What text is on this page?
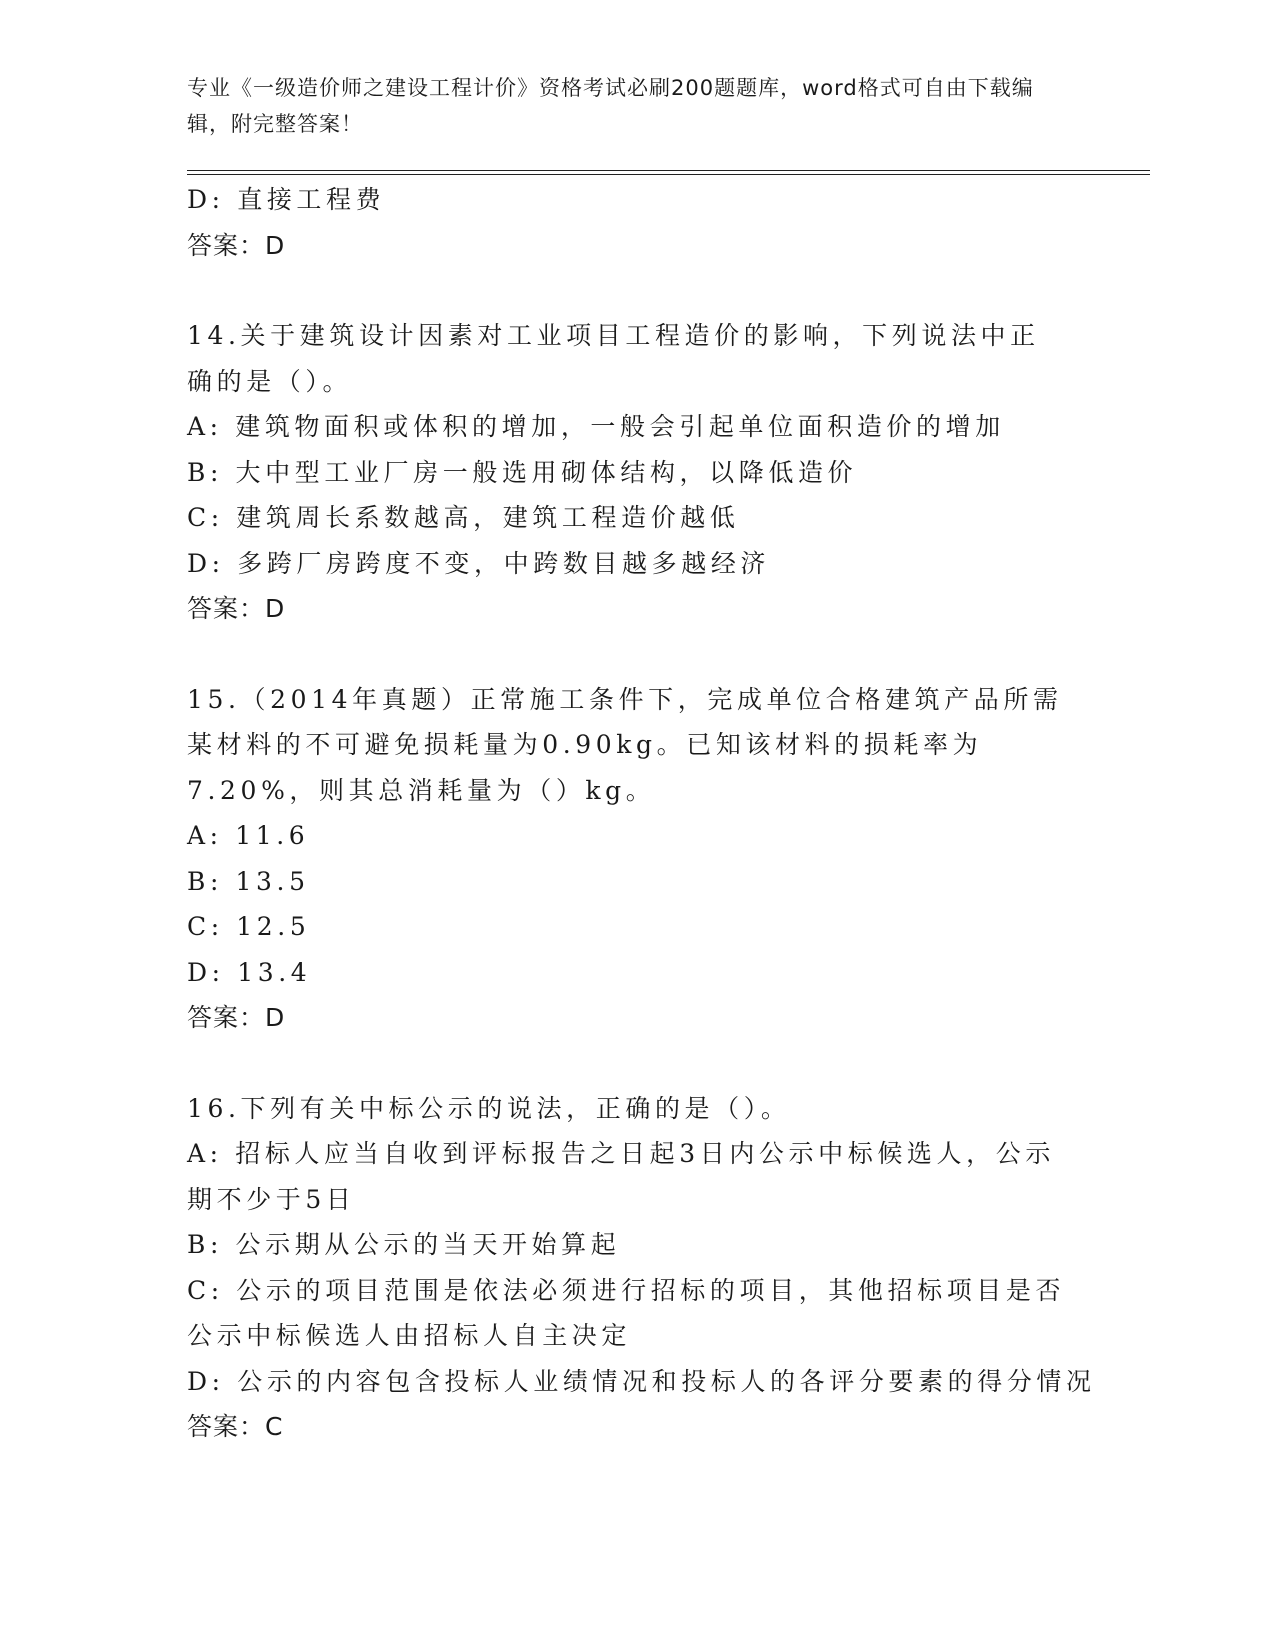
专业《一级造价师之建设工程计价》资格考试必刷200题题库，word格式可自由下载编辑，附完整答案！

D: 直接工程费

答案：D

14.关于建筑设计因素对工业项目工程造价的影响，下列说法中正确的是（）。

A: 建筑物面积或体积的增加，一般会引起单位面积造价的增加

B: 大中型工业厂房一般选用砌体结构，以降低造价

C: 建筑周长系数越高，建筑工程造价越低

D: 多跨厂房跨度不变，中跨数目越多越经济

答案：D

15.（2014年真题）正常施工条件下，完成单位合格建筑产品所需某材料的不可避免损耗量为0.90kg。已知该材料的损耗率为7.20%，则其总消耗量为（）kg。

A: 11.6

B: 13.5

C: 12.5

D: 13.4

答案：D

16.下列有关中标公示的说法，正确的是（）。

A: 招标人应当自收到评标报告之日起3日内公示中标候选人，公示期不少于5日

B: 公示期从公示的当天开始算起

C: 公示的项目范围是依法必须进行招标的项目，其他招标项目是否公示中标候选人由招标人自主决定

D: 公示的内容包含投标人业绩情况和投标人的各评分要素的得分情况

答案：C
